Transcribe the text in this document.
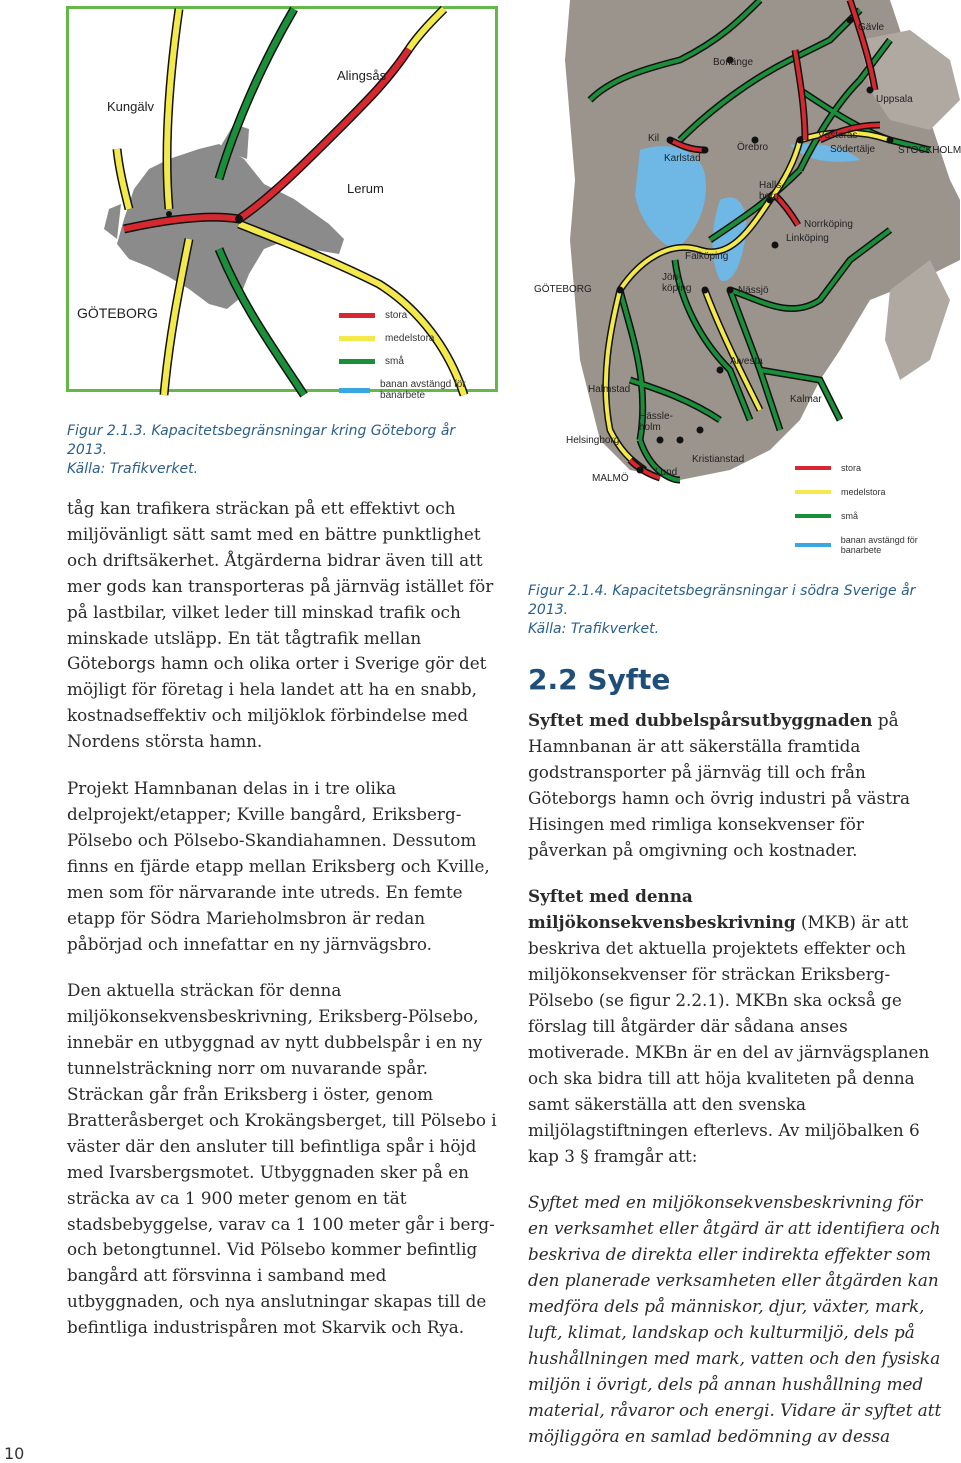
Kungälv
Alingsås
Lerum
GÖTEBORG	stora
medelstora
små
banan avstängd för banarbete
Figur 2.1.3. Kapacitetsbegränsningar kring Göteborg år 2013.
Källa: Trafikverket.
Gävle
Borlänge
Uppsala
Kil
Karlstad
Örebro
Västerås
Södertälje STOCKHOLM
Halls-
berg
Norrköping
Linköping
Falköping
GÖTEBORG
Jön-
köping	Nässjö
Alvesta
Halmstad
Kalmar
Hässle-
holm
Helsingborg
Kristianstad
MALMÖ
Lund	stora
medelstora
små
banan avstängd för banarbete
Figur 2.1.4. Kapacitetsbegränsningar i södra Sverige år 2013.
Källa: Trafikverket.

tåg kan trafikera sträckan på ett effektivt och miljövänligt sätt samt med en bättre punktlighet och driftsäkerhet. Åtgärderna bidrar även till att mer gods kan transporteras på järnväg istället för på lastbilar, vilket leder till minskad trafik och minskade utsläpp. En tät tågtrafik mellan Göteborgs hamn och olika orter i Sverige gör det möjligt för företag i hela landet att ha en snabb, kostnadseffektiv och miljöklok förbindelse med Nordens största hamn.

Projekt Hamnbanan delas in i tre olika delprojekt/etapper; Kville bangård, Eriksberg-Pölsebo och Pölsebo-Skandiahamnen. Dessutom finns en fjärde etapp mellan Eriksberg och Kville, men som för närvarande inte utreds. En femte etapp för Södra Marieholmsbron är redan påbörjad och innefattar en ny järnvägsbro.

Den aktuella sträckan för denna miljökonsekvensbeskrivning, Eriksberg-Pölsebo, innebär en utbyggnad av nytt dubbelspår i en ny tunnelsträckning norr om nuvarande spår. Sträckan går från Eriksberg i öster, genom Bratteråsberget och Krokängsberget, till Pölsebo i väster där den ansluter till befintliga spår i höjd med Ivarsbergsmotet. Utbyggnaden sker på en sträcka av ca 1 900 meter genom en tät stadsbebyggelse, varav ca 1 100 meter går i berg- och betongtunnel. Vid Pölsebo kommer befintlig bangård att försvinna i samband med utbyggnaden, och nya anslutningar skapas till de befintliga industrispåren mot Skarvik och Rya.

2.2 Syfte

Syftet med dubbelspårsutbyggnaden på Hamnbanan är att säkerställa framtida godstransporter på järnväg till och från Göteborgs hamn och övrig industri på västra Hisingen med rimliga konsekvenser för påverkan på omgivning och kostnader.

Syftet med denna miljökonsekvensbeskrivning (MKB) är att beskriva det aktuella projektets effekter och miljökonsekvenser för sträckan Eriksberg-Pölsebo (se figur 2.2.1). MKBn ska också ge förslag till åtgärder där sådana anses motiverade. MKBn är en del av järnvägsplanen och ska bidra till att höja kvaliteten på denna samt säkerställa att den svenska miljölagstiftningen efterlevs. Av miljöbalken 6 kap 3 § framgår att:

Syftet med en miljökonsekvensbeskrivning för en verksamhet eller åtgärd är att identifiera och beskriva de direkta eller indirekta effekter som den planerade verksamheten eller åtgärden kan medföra dels på människor, djur, växter, mark, luft, klimat, landskap och kulturmiljö, dels på hushållningen med mark, vatten och den fysiska miljön i övrigt, dels på annan hushållning med material, råvaror och energi. Vidare är syftet att möjliggöra en samlad bedömning av dessa

10
